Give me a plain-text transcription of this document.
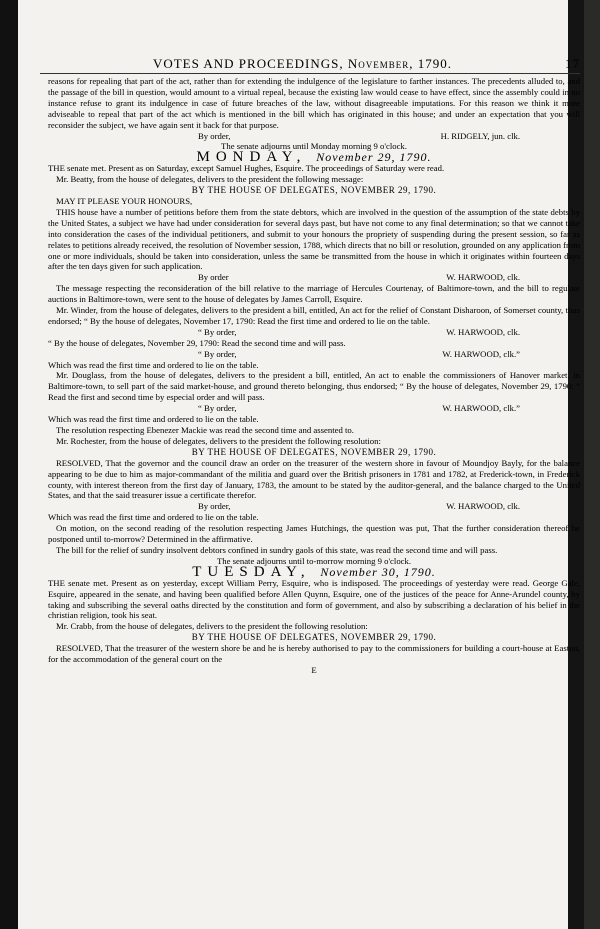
VOTES AND PROCEEDINGS, November, 1790.	17

reasons for repealing that part of the act, rather than for extending the indulgence of the legislature to farther instances. The precedents alluded to, and the passage of the bill in question, would amount to a virtual repeal, because the existing law would cease to have effect, since the assembly could in no instance refuse to grant its indulgence in case of future breaches of the law, without disagreeable imputations. For this reason we think it more adviseable to repeal that part of the act which is mentioned in the bill which has originated in this house; and under an expectation that you will reconsider the subject, we have again sent it back for that purpose.

By order,	H. RIDGELY, jun. clk.

The senate adjourns until Monday morning 9 o'clock.

MONDAY, November 29, 1790.

THE senate met. Present as on Saturday, except Samuel Hughes, Esquire. The proceedings of Saturday were read.

Mr. Beatty, from the house of delegates, delivers to the president the following message:

BY THE HOUSE OF DELEGATES, NOVEMBER 29, 1790.

MAY IT PLEASE YOUR HONOURS,

THIS house have a number of petitions before them from the state debtors, which are involved in the question of the assumption of the state debts by the United States, a subject we have had under consideration for several days past, but have not come to any final determination; so that we cannot take into consideration the cases of the individual petitioners, and submit to your honours the propriety of suspending during the present session, so far as relates to petitions already received, the resolution of November session, 1788, which directs that no bill or resolution, grounded on any application from one or more individuals, should be taken into consideration, unless the same be transmitted from the house in which it originates within fourteen days after the ten days given for such application.

By order	W. HARWOOD, clk.

The message respecting the reconsideration of the bill relative to the marriage of Hercules Courtenay, of Baltimore-town, and the bill to regulate auctions in Baltimore-town, were sent to the house of delegates by James Carroll, Esquire.

Mr. Winder, from the house of delegates, delivers to the president a bill, entitled, An act for the relief of Constant Disharoon, of Somerset county, thus endorsed; “ By the house of delegates, November 17, 1790: Read the first time and ordered to lie on the table.

“ By order,	W. HARWOOD, clk.

“ By the house of delegates, November 29, 1790: Read the second time and will pass.

“ By order,	W. HARWOOD, clk.”

Which was read the first time and ordered to lie on the table.

Mr. Douglass, from the house of delegates, delivers to the president a bill, entitled, An act to enable the commissioners of Hanover market, in Baltimore-town, to sell part of the said market-house, and ground thereto belonging, thus endorsed; “ By the house of delegates, November 29, 1790: “ Read the first and second time by especial order and will pass.

“ By order,	W. HARWOOD, clk.”

Which was read the first time and ordered to lie on the table.

The resolution respecting Ebenezer Mackie was read the second time and assented to.

Mr. Rochester, from the house of delegates, delivers to the president the following resolution:

BY THE HOUSE OF DELEGATES, NOVEMBER 29, 1790.

RESOLVED, That the governor and the council draw an order on the treasurer of the western shore in favour of Moundjoy Bayly, for the balance appearing to be due to him as major-commandant of the militia and guard over the British prisoners in 1781 and 1782, at Frederick-town, in Frederick county, with interest thereon from the first day of January, 1783, the amount to be stated by the auditor-general, and the balance charged to the United States, and that the said treasurer issue a certificate therefor.

By order,	W. HARWOOD, clk.

Which was read the first time and ordered to lie on the table.

On motion, on the second reading of the resolution respecting James Hutchings, the question was put, That the further consideration thereof be postponed until to-morrow? Determined in the affirmative.

The bill for the relief of sundry insolvent debtors confined in sundry gaols of this state, was read the second time and will pass.

The senate adjourns until to-morrow morning 9 o'clock.

TUESDAY, November 30, 1790.

THE senate met. Present as on yesterday, except William Perry, Esquire, who is indisposed. The proceedings of yesterday were read. George Gale, Esquire, appeared in the senate, and having been qualified before Allen Quynn, Esquire, one of the justices of the peace for Anne-Arundel county, by taking and subscribing the several oaths directed by the constitution and form of government, and also by subscribing a declaration of his belief in the christian religion, took his seat.

Mr. Crabb, from the house of delegates, delivers to the president the following resolution:

BY THE HOUSE OF DELEGATES, NOVEMBER 29, 1790.

RESOLVED, That the treasurer of the western shore be and he is hereby authorised to pay to the commissioners for building a court-house at Easton, for the accommodation of the general court on the

E
